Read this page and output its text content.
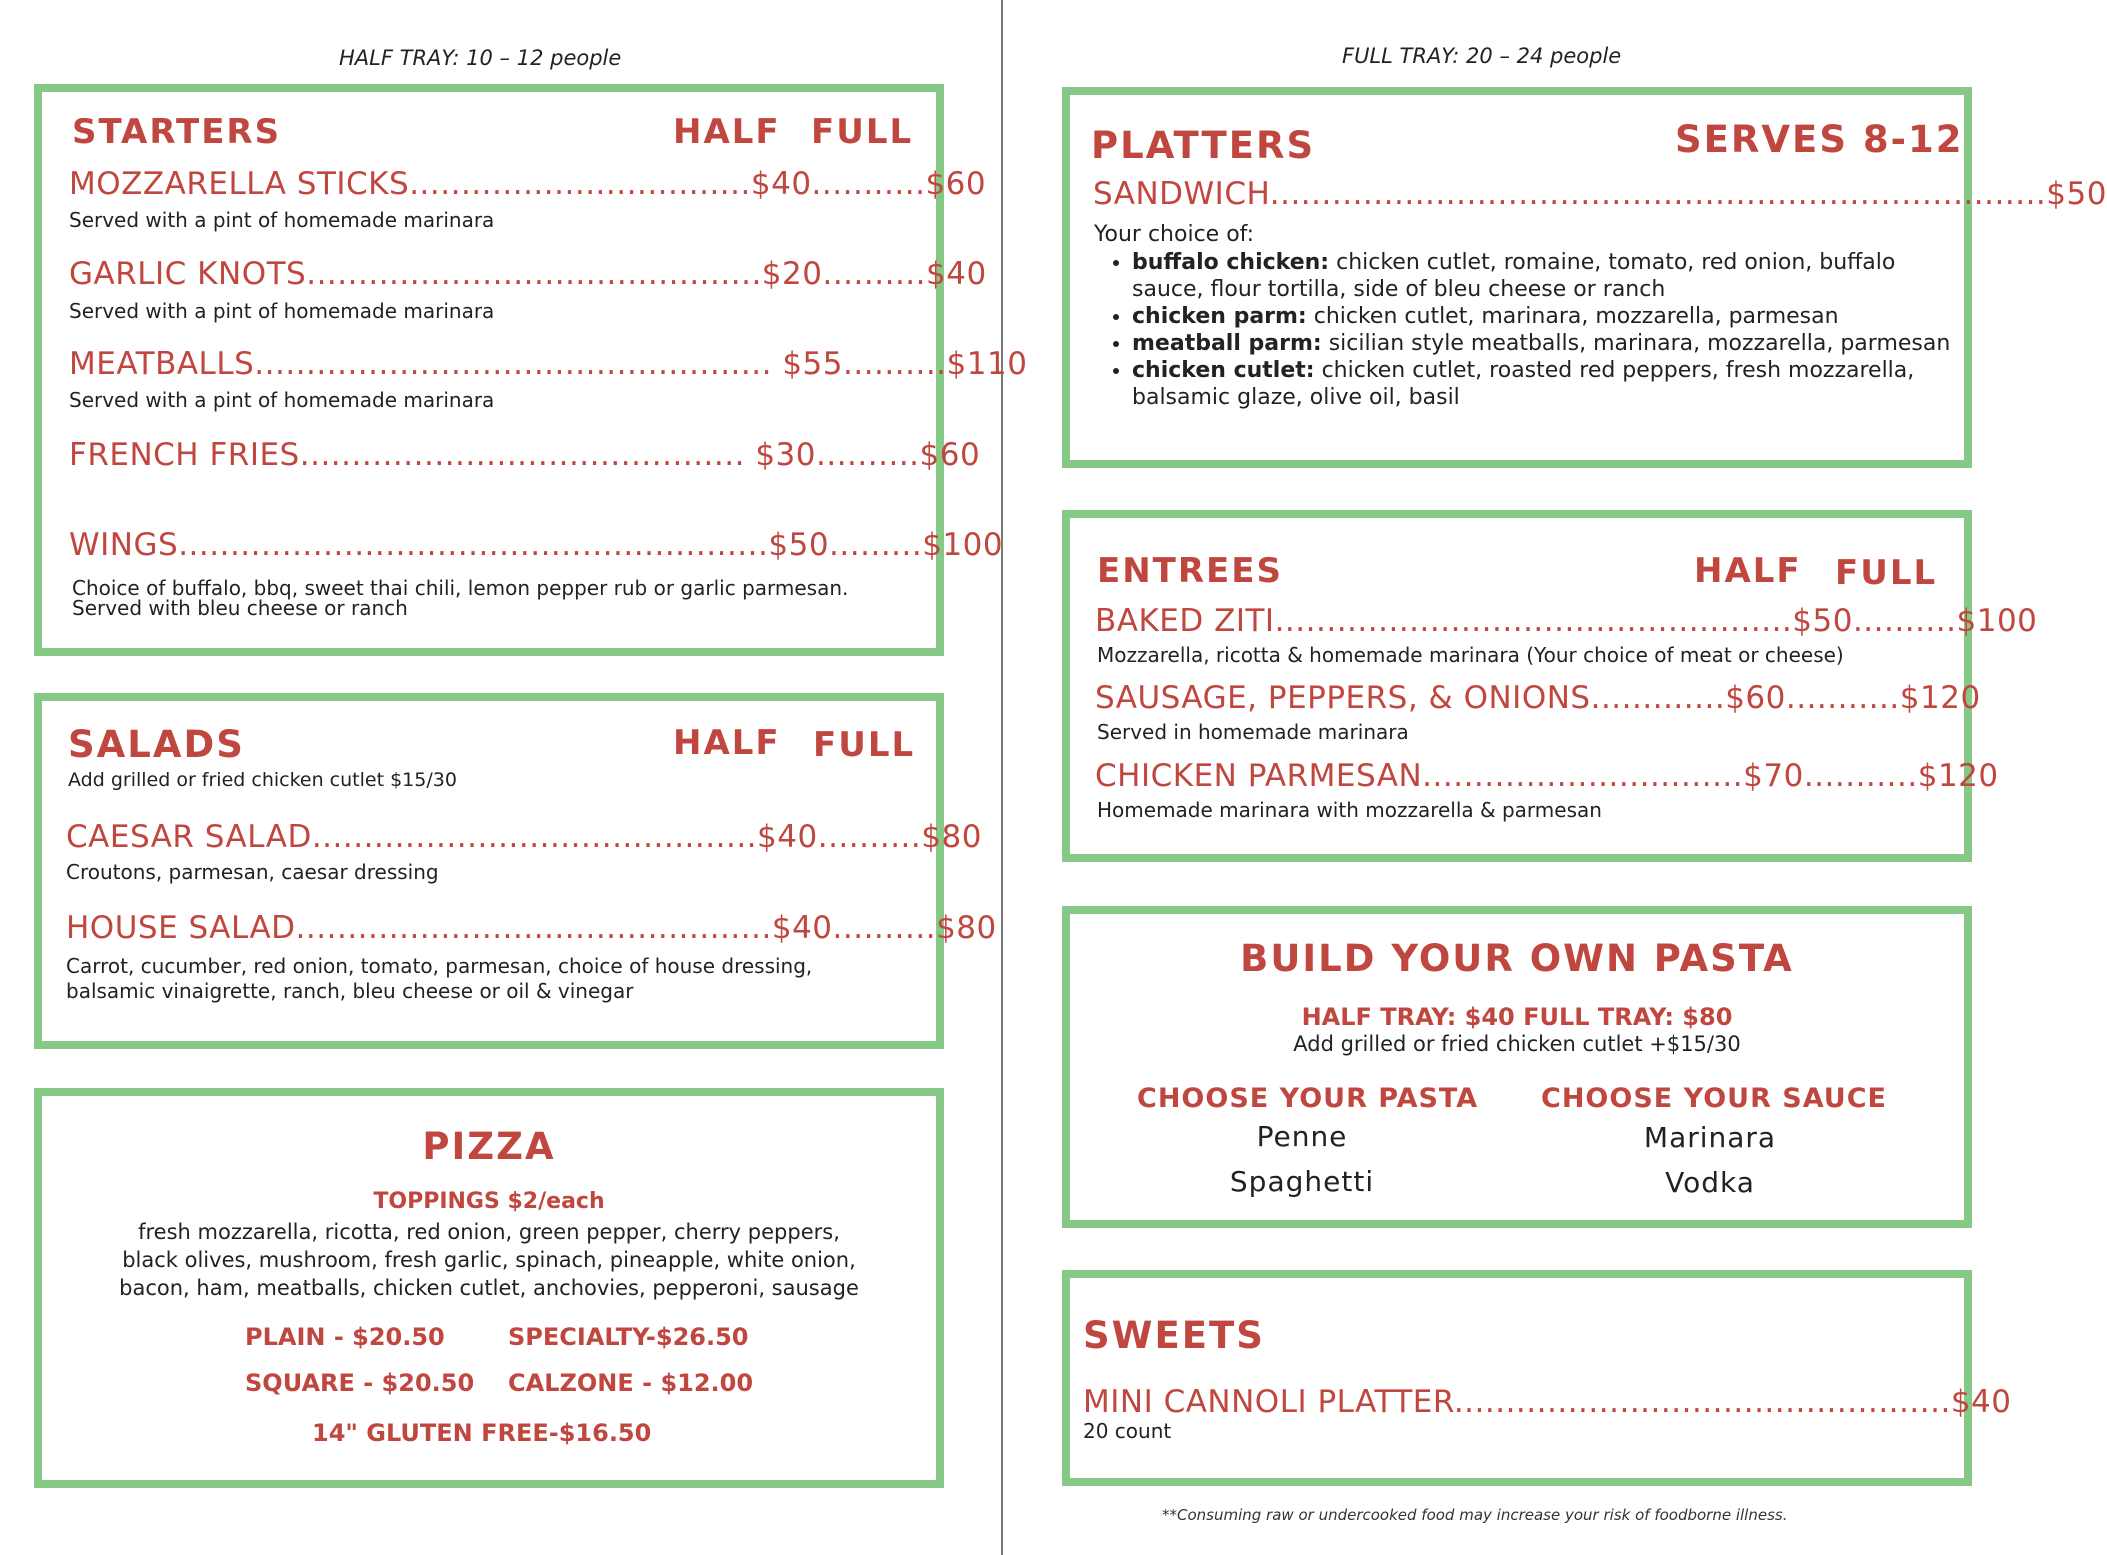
HALF TRAY: 10 – 12 people	FULL TRAY: 20 – 24 people
STARTERS	HALF FULL
MOZZARELLA STICKS.................................$40...........$60
Served with a pint of homemade marinara
GARLIC KNOTS............................................$20..........$40
Served with a pint of homemade marinara
MEATBALLS.................................................. $55..........$110
Served with a pint of homemade marinara
FRENCH FRIES........................................... $30..........$60
WINGS.........................................................$50.........$100
Choice of buffalo, bbq, sweet thai chili, lemon pepper rub or garlic parmesan. Served with bleu cheese or ranch
SALADS	HALF FULL
Add grilled or fried chicken cutlet $15/30
CAESAR SALAD...........................................$40..........$80
Croutons, parmesan, caesar dressing
HOUSE SALAD..............................................$40..........$80
Carrot, cucumber, red onion, tomato, parmesan, choice of house dressing, balsamic vinaigrette, ranch, bleu cheese or oil & vinegar
PIZZA
TOPPINGS $2/each
fresh mozzarella, ricotta, red onion, green pepper, cherry peppers,
black olives, mushroom, fresh garlic, spinach, pineapple, white onion,
bacon, ham, meatballs, chicken cutlet, anchovies, pepperoni, sausage
PLAIN - $20.50	SPECIALTY-$26.50
SQUARE - $20.50 CALZONE - $12.00
14" GLUTEN FREE-$16.50
PLATTERS	SERVES 8-12
SANDWICH...........................................................................$50
Your choice of:
• buffalo chicken: chicken cutlet, romaine, tomato, red onion, buffalo sauce, flour tortilla, side of bleu cheese or ranch
• chicken parm: chicken cutlet, marinara, mozzarella, parmesan
• meatball parm: sicilian style meatballs, marinara, mozzarella, parmesan
• chicken cutlet: chicken cutlet, roasted red peppers, fresh mozzarella, balsamic glaze, olive oil, basil
ENTREES	HALF FULL
BAKED ZITI..................................................$50..........$100
Mozzarella, ricotta & homemade marinara (Your choice of meat or cheese)
SAUSAGE, PEPPERS, & ONIONS.............$60...........$120
Served in homemade marinara
CHICKEN PARMESAN...............................$70...........$120
Homemade marinara with mozzarella & parmesan
BUILD YOUR OWN PASTA
HALF TRAY: $40 FULL TRAY: $80
Add grilled or fried chicken cutlet +$15/30
CHOOSE YOUR PASTA CHOOSE YOUR SAUCE
Penne
Spaghetti
Marinara
Vodka
SWEETS
MINI CANNOLI PLATTER................................................$40
20 count
**Consuming raw or undercooked food may increase your risk of foodborne illness.
